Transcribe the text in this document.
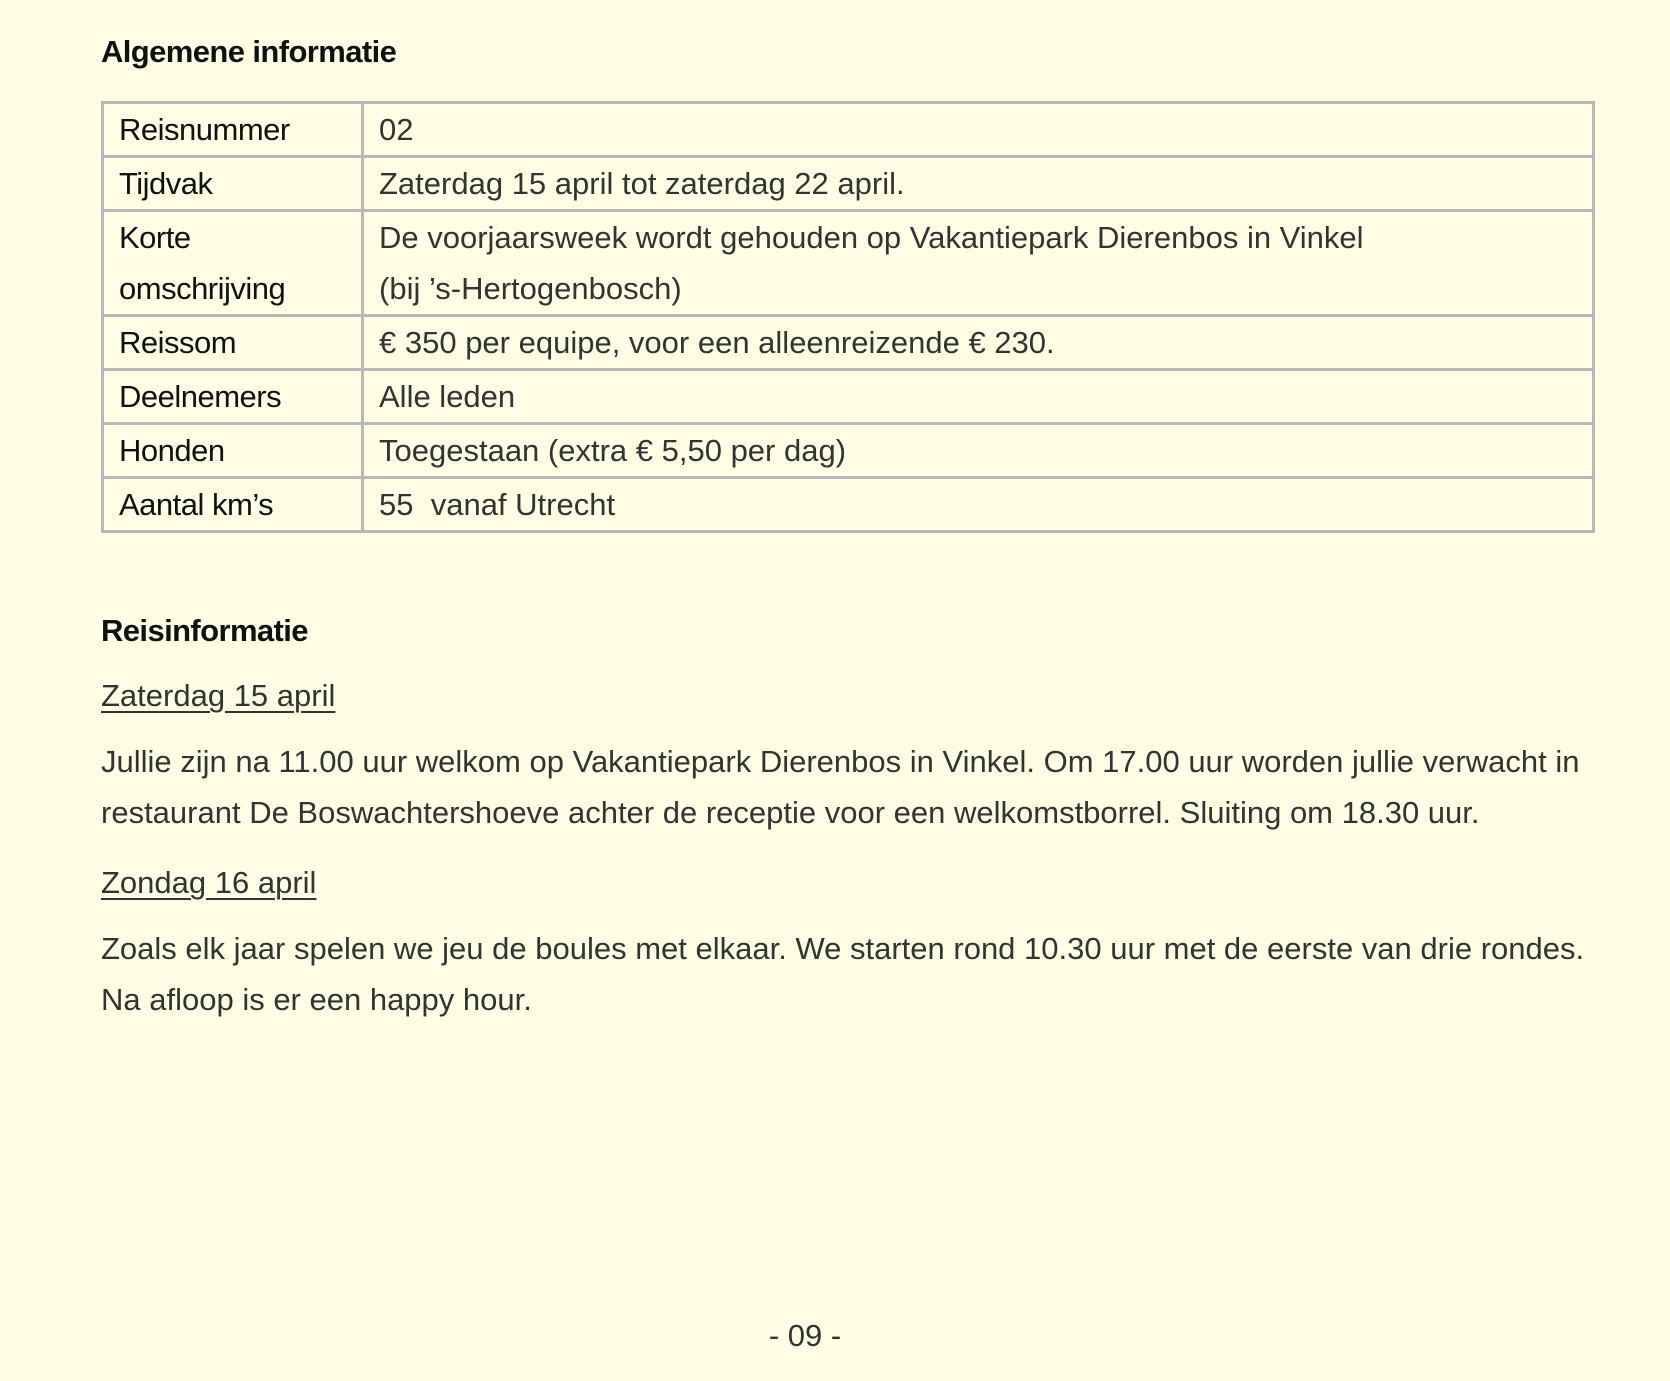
Algemene informatie
Reisnummer	02

Tijdvak	Zaterdag 15 april tot zaterdag 22 april.

Korte
omschrijving	De voorjaarsweek wordt gehouden op Vakantiepark Dierenbos in Vinkel
(bij ’s-Hertogenbosch)

Reissom	€ 350 per equipe, voor een alleenreizende € 230.

Deelnemers	Alle leden

Honden	Toegestaan (extra € 5,50 per dag)

Aantal km’s	55  vanaf Utrecht
Reisinformatie
Zaterdag 15 april

Jullie zijn na 11.00 uur welkom op Vakantiepark Dierenbos in Vinkel. Om 17.00 uur worden jullie verwacht in restaurant De Boswachtershoeve achter de receptie voor een welkomstborrel. Sluiting om 18.30 uur.

Zondag 16 april

Zoals elk jaar spelen we jeu de boules met elkaar. We starten rond 10.30 uur met de eerste van drie rondes. Na afloop is er een happy hour.

- 09 -
